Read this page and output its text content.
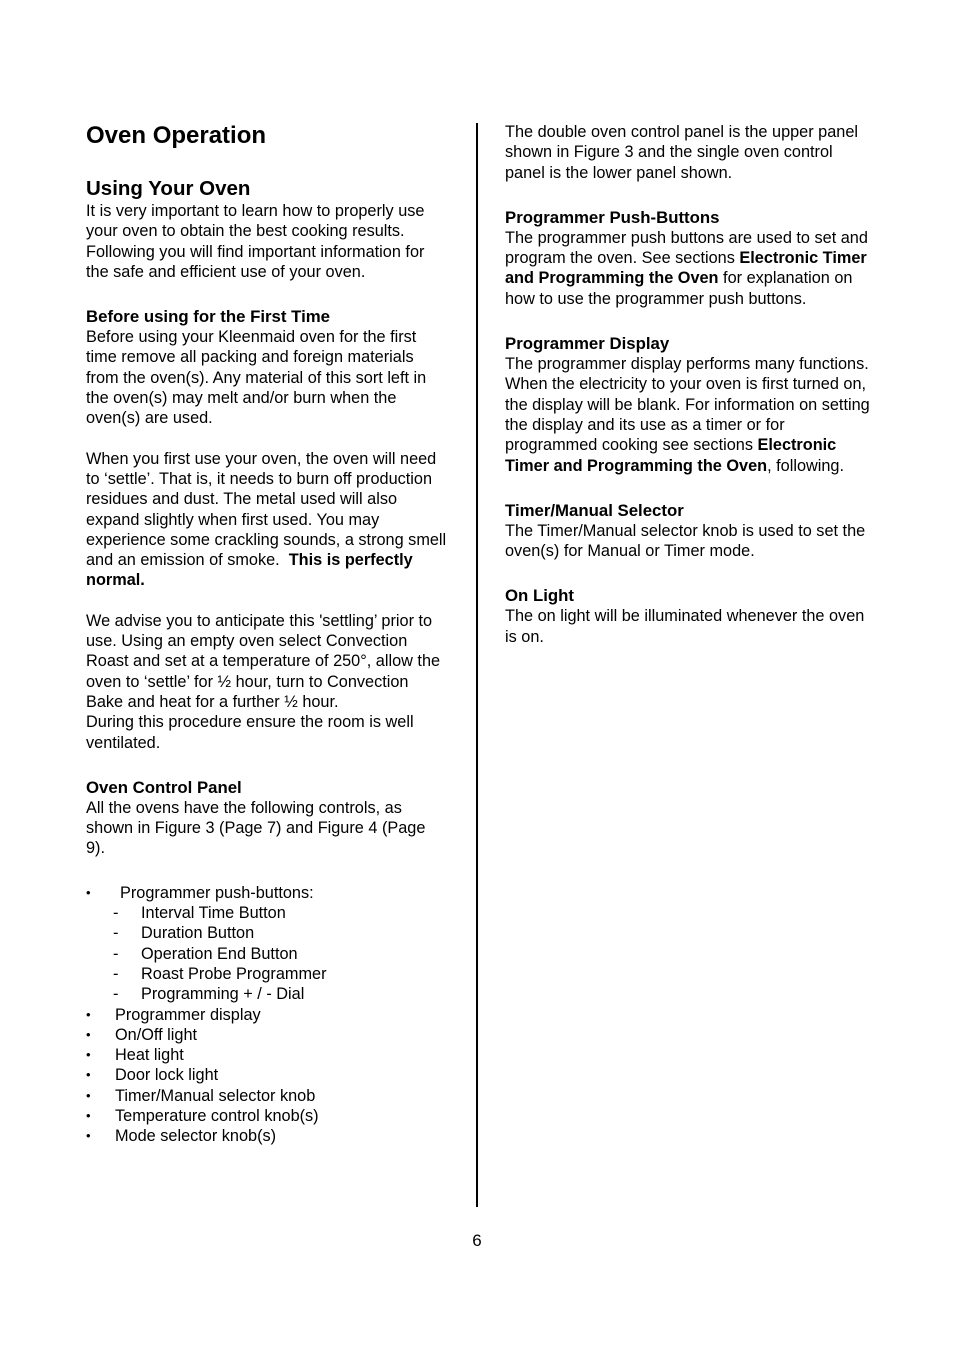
Oven Operation
Using Your Oven

It is very important to learn how to properly use your oven to obtain the best cooking results.

Following you will find important information for the safe and efficient use of your oven.

Before using for the First Time

Before using your Kleenmaid oven for the first time remove all packing and foreign materials from the oven(s). Any material of this sort left in the oven(s) may melt and/or burn when the oven(s) are used.

When you first use your oven, the oven will need to ‘settle’. That is, it needs to burn off production residues and dust. The metal used will also expand slightly when first used. You may experience some crackling sounds, a strong smell and an emission of smoke. This is perfectly normal.

We advise you to anticipate this 'settling’ prior to use. Using an empty oven select Convection Roast and set at a temperature of 250°, allow the oven to ‘settle’ for ½ hour, turn to Convection Bake and heat for a further ½ hour.

During this procedure ensure the room is well ventilated.

Oven Control Panel

All the ovens have the following controls, as shown in Figure 3 (Page 7) and Figure 4 (Page 9).

• Programmer push-buttons:
- Interval Time Button
- Duration Button
- Operation End Button
- Roast Probe Programmer
- Programming + / - Dial
• Programmer display
• On/Off light
• Heat light
• Door lock light
• Timer/Manual selector knob
• Temperature control knob(s)
• Mode selector knob(s)

The double oven control panel is the upper panel shown in Figure 3 and the single oven control panel is the lower panel shown.

Programmer Push-Buttons

The programmer push buttons are used to set and program the oven. See sections Electronic Timer and Programming the Oven for explanation on how to use the programmer push buttons.

Programmer Display

The programmer display performs many functions.

When the electricity to your oven is first turned on, the display will be blank. For information on setting the display and its use as a timer or for programmed cooking see sections Electronic Timer and Programming the Oven, following.

Timer/Manual Selector

The Timer/Manual selector knob is used to set the oven(s) for Manual or Timer mode.

On Light

The on light will be illuminated whenever the oven is on.

6
